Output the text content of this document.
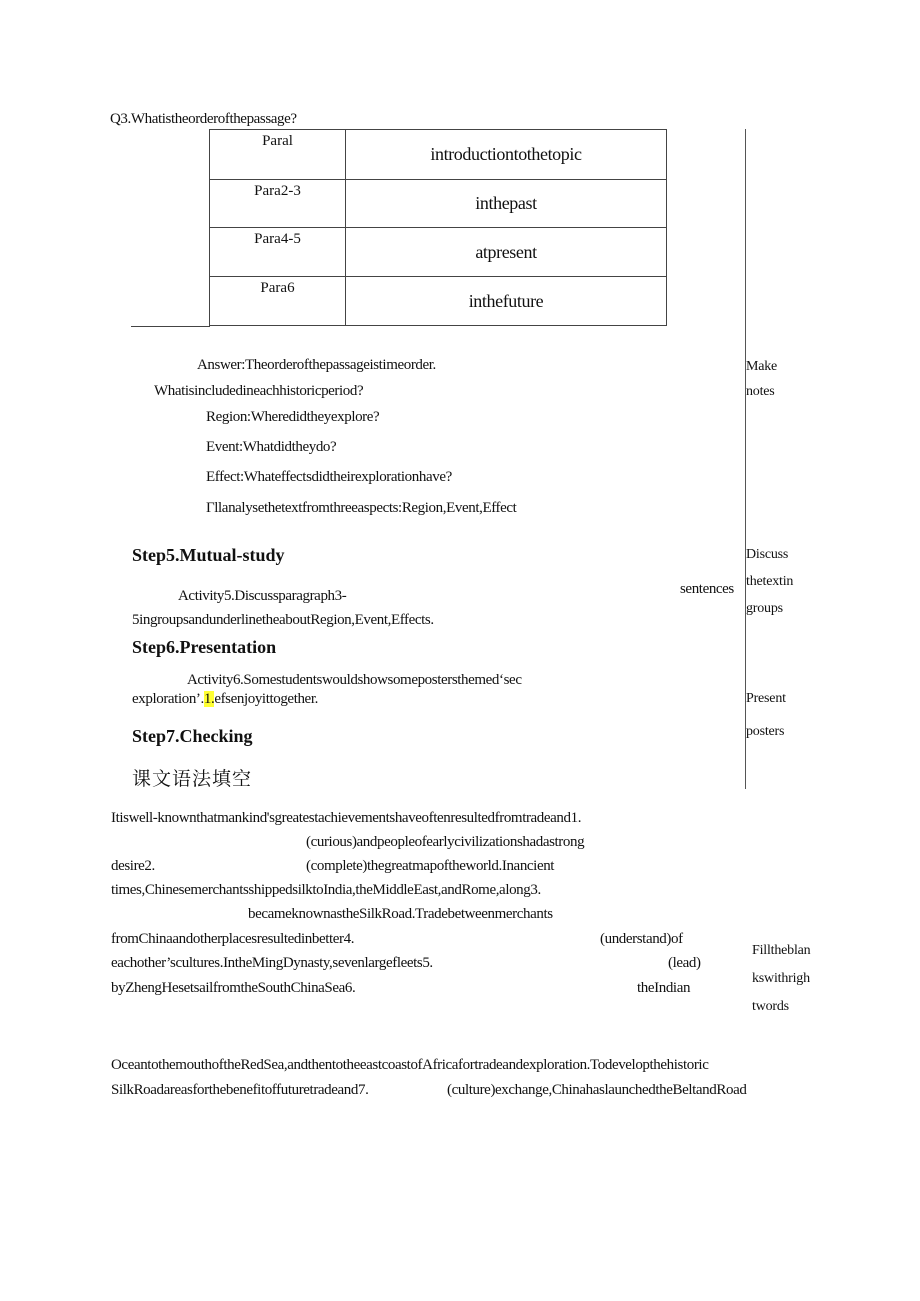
Q3.Whatistheorderofthepassage?
Paral	introductiontothetopic
Para2-3	inthepast
Para4-5	atpresent
Para6	inthefuture
Answer:Theorderofthepassageistimeorder.
Whatisincludedineachhistoricperiod?
Region:Wheredidtheyexplore?
Event:Whatdidtheydo?
Effect:Whateffectsdidtheirexplorationhave?
Γllanalysethetextfromthreeaspects:Region,Event,Effect
Make
notes
Step5.Mutual-study
Activity5.Discussparagraph3-	sentences
5ingroupsandunderlinetheaboutRegion,Event,Effects.
Discuss
thetextin
groups
Step6.Presentation
Activity6.Somestudentswouldshowsomepostersthemed‘sec
exploration’.1.efsenjoyittogether.	Present
posters
Step7.Checking
课文语法填空
Itiswell-knownthatmankind'sgreatestachievementshaveoftenresultedfromtradeand1.
(curious)andpeopleofearlycivilizationshadastrong
desire2.	(complete)thegreatmapoftheworld.Inancient
times,ChinesemerchantsshippedsilktoIndia,theMiddleEast,andRome,along3.
becameknownastheSilkRoad.Tradebetweenmerchants
fromChinaandotherplacesresultedinbetter4.	(understand)of
eachother’scultures.IntheMingDynasty,sevenlargefleets5.	(lead)
byZhengHesetsailfromtheSouthChinaSea6.	theIndian
Filltheblan
kswithrigh
twords
OceantothemouthoftheRedSea,andthentotheeastcoastofAfricafortradeandexploration.Todevelopthehistoric
SilkRoadareasforthebenefitoffuturetradeand7.	(culture)exchange,ChinahaslaunchedtheBeltandRoad
